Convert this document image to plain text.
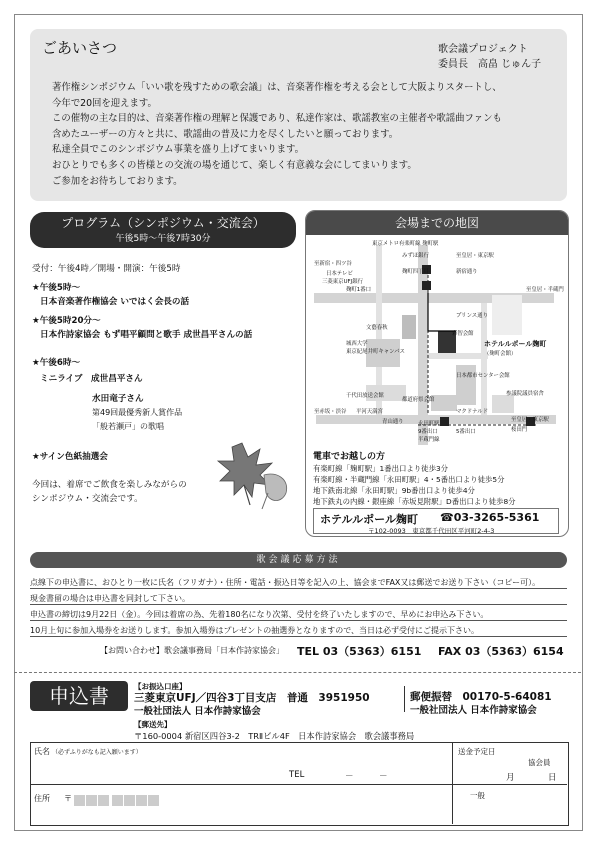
ごあいさつ	歌会議プロジェクト
委員長　高畠 じゅん子
著作権シンポジウム「いい歌を残すための歌会議」は、音楽著作権を考える会として大阪よりスタートし、
今年で20回を迎えます。
この催物の主な目的は、音楽著作権の理解と保護であり、私達作家は、歌謡教室の主催者や歌謡曲ファンも
含めたユーザーの方々と共に、歌謡曲の普及に力を尽くしたいと願っております。
私達全員でこのシンポジウム事業を盛り上げてまいります。
おひとりでも多くの皆様との交流の場を通じて、楽しく有意義な会にしてまいります。
ご参加をお待ちしております。
プログラム（シンポジウム・交流会）
午後5時～午後7時30分
受付：午後4時／開場・開演：午後5時
★午後5時～
日本音楽著作権協会 いではく会長の話
★午後5時20分～
日本作詩家協会 もず唱平顧問と歌手 成世昌平さんの話
★午後6時～
ミニライブ　成世昌平さん
水田竜子さん
第49回最優秀新人賞作品
「般若瀬戸」の歌唱
★サイン色紙抽選会
今回は、着席でご飲食を楽しみながらの
シンポジウム・交流会です。
会場までの地図
東京メトロ有楽町線 麹町駅
みずほ銀行	至皇居・東京駅
至新宿・四ツ谷
日本テレビ	新宿通り
三菱東京UFJ銀行
麹町四丁目
麹町1番口	至皇居・半蔵門
プリンス通り
文藝春秋
彩智会館
城西大学
東京紀尾井町キャンパス
ホテルルポール麹町
（麹町会館）
日本都市センター会館
千代田放送会館
都道府県会館
参議院議員宿舎
至赤坂・渋谷 平河天満宮
青山通り
マクドナルド
永田町駅
9番出口	5番出口
半蔵門線
至皇居・東京駅
桜田門
電車でお越しの方
有楽町線「麹町駅」1番出口より徒歩3分
有楽町線・半蔵門線「永田町駅」4・5番出口より徒歩5分
地下鉄南北線「永田町駅」9b番出口より徒歩4分
地下鉄丸の内線・銀座線「赤坂見附駅」D番出口より徒歩8分
ホテルルポール麹町 ☎03-3265-5361
〒102-0093　東京都千代田区平河町2-4-3
歌会議応募方法
点線下の申込書に、おひとり一枚に氏名（フリガナ）・住所・電話・振込日等を記入の上、協会までFAX又は郵送でお送り下さい（コピー可）。
現金書留の場合は申込書を同封して下さい。
申込書の締切は9月22日（金）。今回は着席の為、先着180名になり次第、受付を終了いたしますので、早めにお申込み下さい。
10月上旬に参加入場券をお送りします。参加入場券はプレゼントの抽選券となりますので、当日は必ず受付にご提示下さい。
【お問い合わせ】歌会議事務局「日本作詩家協会」 TEL 03（5363）6151 FAX 03（5363）6154
申込書	【お振込口座】
三菱東京UFJ／四谷3丁目支店　普通　3951950
一般社団法人 日本作詩家協会
郵便振替　00170-5-64081
一般社団法人 日本作詩家協会
【郵送先】
〒160-0004 新宿区四谷3-2　TRⅡビル4F　日本作詩家協会　歌会議事務局
氏名 （必ずふりがなも記入願います）
TEL	－　　　－
住所 〒
送金予定日
協会員
月	日
一般
